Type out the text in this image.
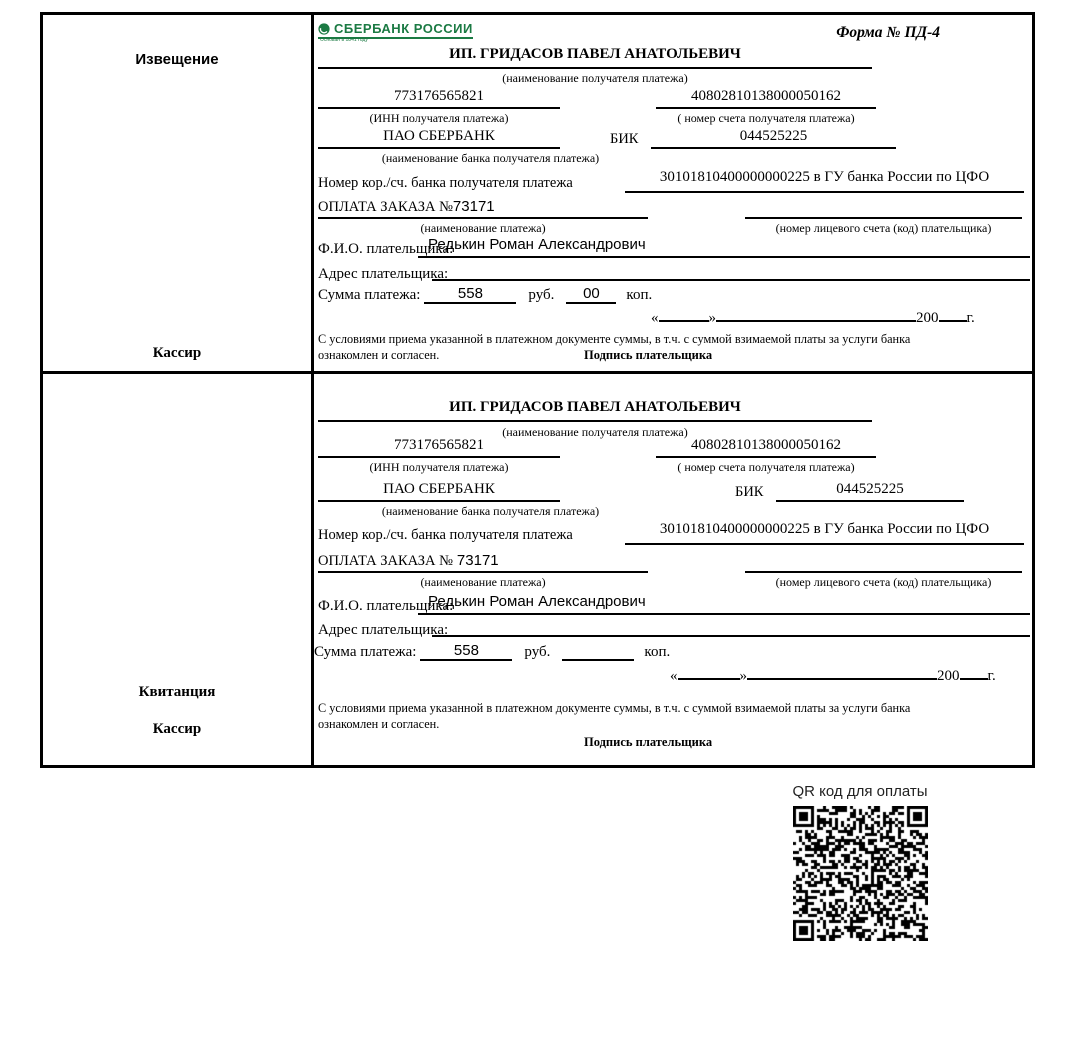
Извещение
Кассир
СБЕРБАНК РОССИИ
Основан в 1841 году	Форма № ПД-4
ИП. ГРИДАСОВ ПАВЕЛ АНАТОЛЬЕВИЧ
(наименование получателя платежа)
773176565821	40802810138000050162
(ИНН получателя платежа)	( номер счета получателя платежа)
ПАО СБЕРБАНК	БИК	044525225
(наименование банка получателя платежа)
Номер кор./сч. банка получателя платежа	30101810400000000225 в ГУ банка России по ЦФО
ОПЛАТА ЗАКАЗА №73171
(наименование платежа)	(номер лицевого счета (код) плательщика)
Ф.И.О. плательщика:
Редькин Роман Александрович
Адрес плательщика:
Сумма платежа: 558	руб. 00 коп.
«	»	200 г.
С условиями приема указанной в платежном документе суммы, в т.ч. с суммой взимаемой платы за услуги банка
ознакомлен и согласен.	Подпись плательщика
Квитанция
Кассир
ИП. ГРИДАСОВ ПАВЕЛ АНАТОЛЬЕВИЧ
(наименование получателя платежа)
773176565821	40802810138000050162
(ИНН получателя платежа)	( номер счета получателя платежа)
ПАО СБЕРБАНК	БИК	044525225
(наименование банка получателя платежа)
Номер кор./сч. банка получателя платежа	30101810400000000225 в ГУ банка России по ЦФО
ОПЛАТА ЗАКАЗА № 73171
(наименование платежа)	(номер лицевого счета (код) плательщика)
Ф.И.О. плательщика:
Редькин Роман Александрович
Адрес плательщика:
Сумма платежа: 558	руб.	коп.
«	»	200 г.
С условиями приема указанной в платежном документе суммы, в т.ч. с суммой взимаемой платы за услуги банка
ознакомлен и согласен.
Подпись плательщика
QR код для оплаты
